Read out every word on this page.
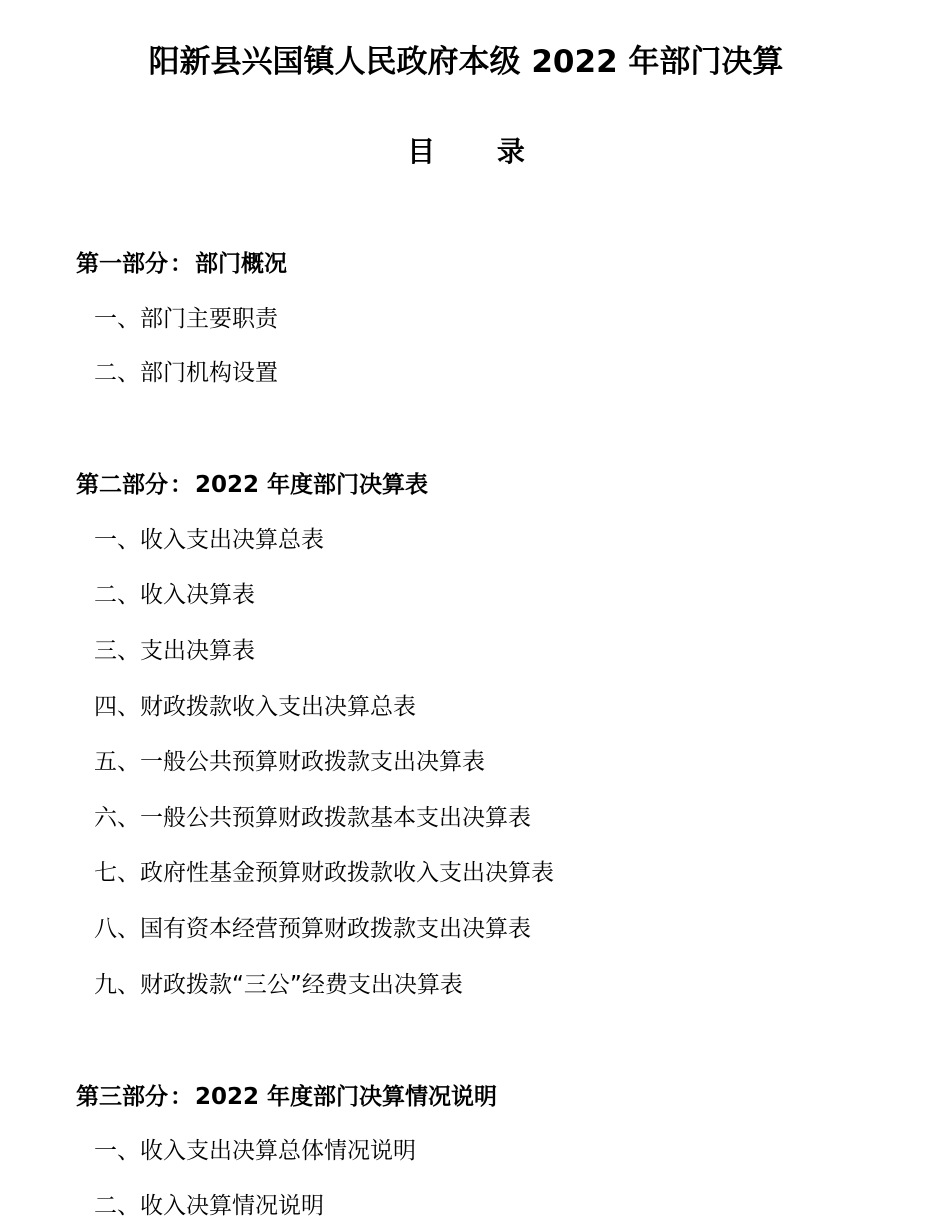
阳新县兴国镇人民政府本级 2022 年部门决算
目 录
第一部分：部门概况
一、部门主要职责
二、部门机构设置
第二部分：2022 年度部门决算表
一、收入支出决算总表
二、收入决算表
三、支出决算表
四、财政拨款收入支出决算总表
五、一般公共预算财政拨款支出决算表
六、一般公共预算财政拨款基本支出决算表
七、政府性基金预算财政拨款收入支出决算表
八、国有资本经营预算财政拨款支出决算表
九、财政拨款“三公”经费支出决算表
第三部分：2022 年度部门决算情况说明
一、收入支出决算总体情况说明
二、收入决算情况说明
